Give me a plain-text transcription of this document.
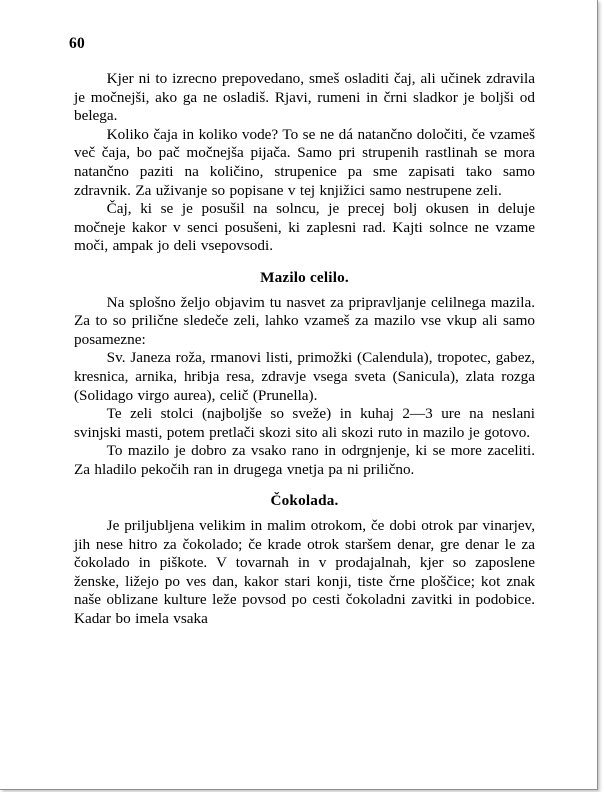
60

Kjer ni to izrecno prepovedano, smeš osladiti čaj, ali učinek zdravila je močnejši, ako ga ne osladiš. Rjavi, rumeni in črni sladkor je boljši od belega.

Koliko čaja in koliko vode? To se ne dá natančno določiti, če vzameš več čaja, bo pač močnejša pijača. Samo pri strupenih rastlinah se mora natančno paziti na količino, strupenice pa sme zapisati tako samo zdravnik. Za uživanje so popisane v tej knjižici samo nestrupene zeli.

Čaj, ki se je posušil na solncu, je precej bolj okusen in deluje močneje kakor v senci posušeni, ki zaplesni rad. Kajti solnce ne vzame moči, ampak jo deli vsepovsodi.

Mazilo celilo.

Na splošno željo objavim tu nasvet za pripravljanje celilnega mazila. Za to so prilične sledeče zeli, lahko vzameš za mazilo vse vkup ali samo posamezne:

Sv. Janeza roža, rmanovi listi, primožki (Calendula), tropotec, gabez, kresnica, arnika, hribja resa, zdravje vsega sveta (Sanicula), zlata rozga (Solidago virgo aurea), celič (Prunella).

Te zeli stolci (najboljše so sveže) in kuhaj 2—3 ure na neslani svinjski masti, potem pretlači skozi sito ali skozi ruto in mazilo je gotovo.

To mazilo je dobro za vsako rano in odrgnjenje, ki se more zaceliti. Za hladilo pekočih ran in drugega vnetja pa ni prilično.

Čokolada.

Je priljubljena velikim in malim otrokom, če dobi otrok par vinarjev, jih nese hitro za čokolado; če krade otrok staršem denar, gre denar le za čokolado in piškote. V tovarnah in v prodajalnah, kjer so zaposlene ženske, ližejo po ves dan, kakor stari konji, tiste črne ploščice; kot znak naše oblizane kulture leže povsod po cesti čokoladni zavitki in podobice. Kadar bo imela vsaka
